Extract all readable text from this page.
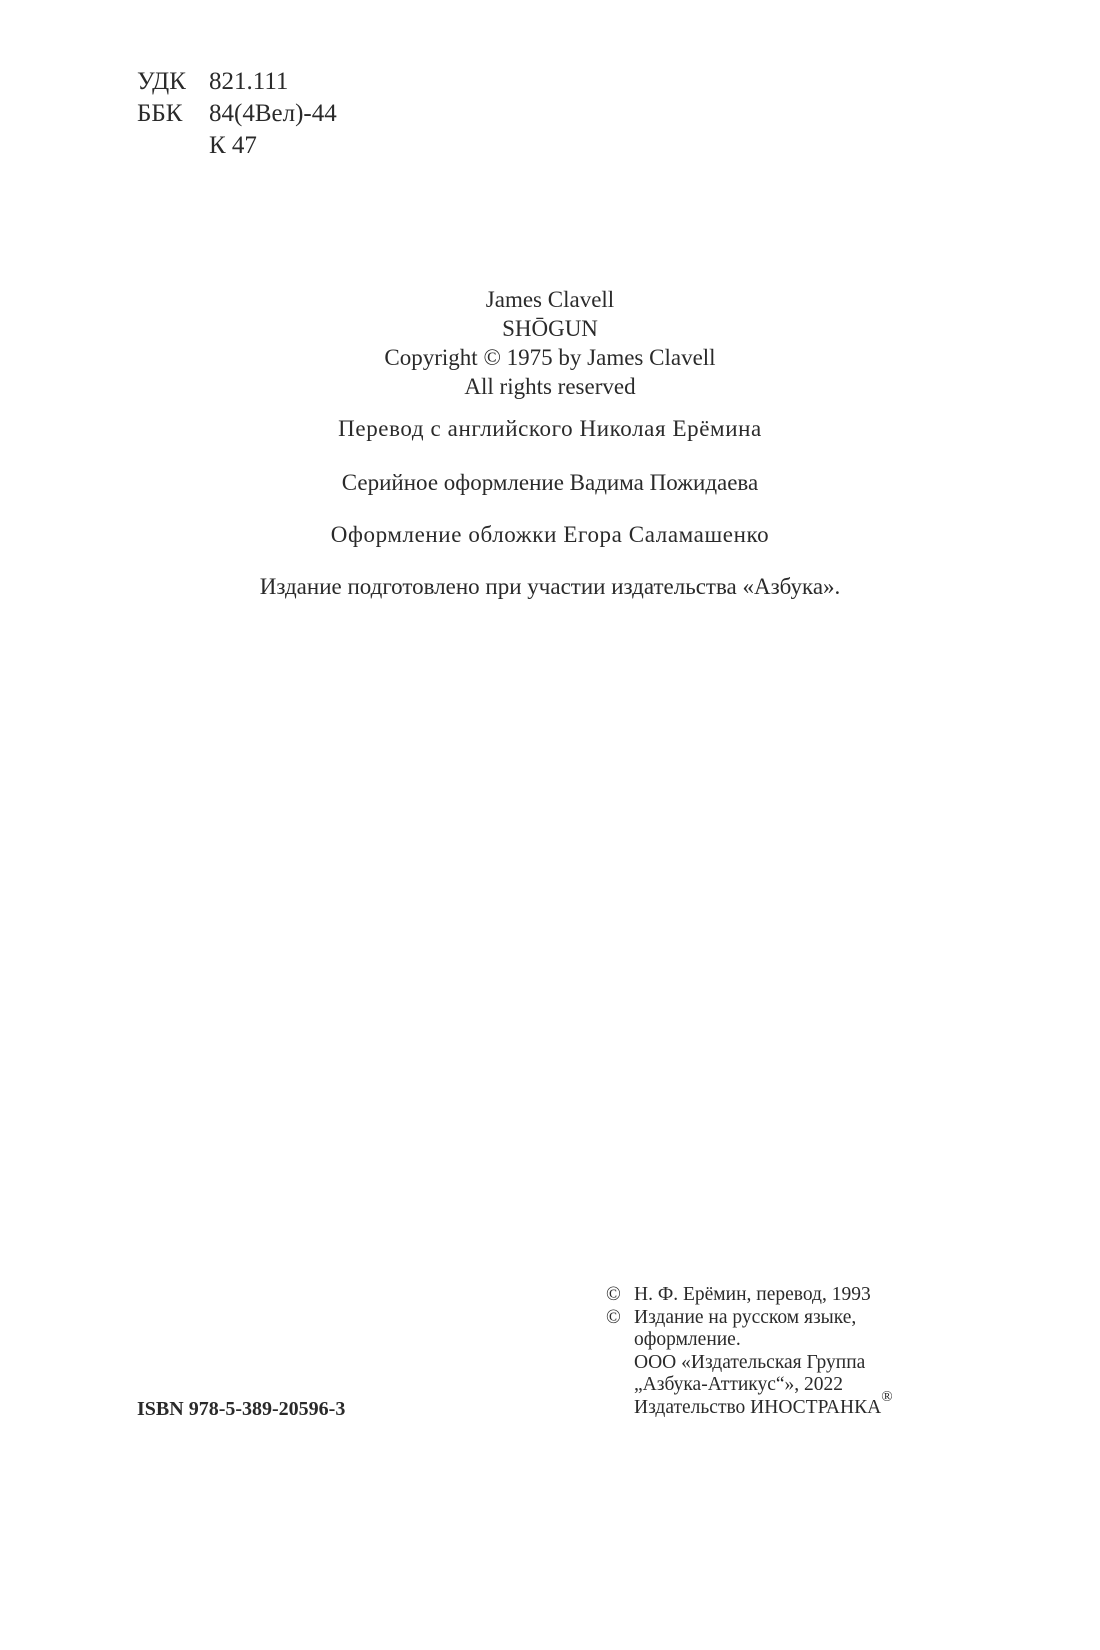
УДК 821.111
ББК	84(4Вел)-44
К 47
James Clavell
SHŌGUN
Copyright © 1975 by James Clavell
All rights reserved
Перевод с английского Николая Ерёмина
Серийное оформление Вадима Пожидаева
Оформление обложки Егора Саламашенко
Издание подготовлено при участии издательства «Азбука».
ISBN 978-5-389-20596-3
© Н. Ф. Ерёмин, перевод, 1993
© Издание на русском языке,
оформление.
ООО «Издательская Группа
„Азбука-Аттикус“», 2022
Издательство ИНОСТРАНКА ®
